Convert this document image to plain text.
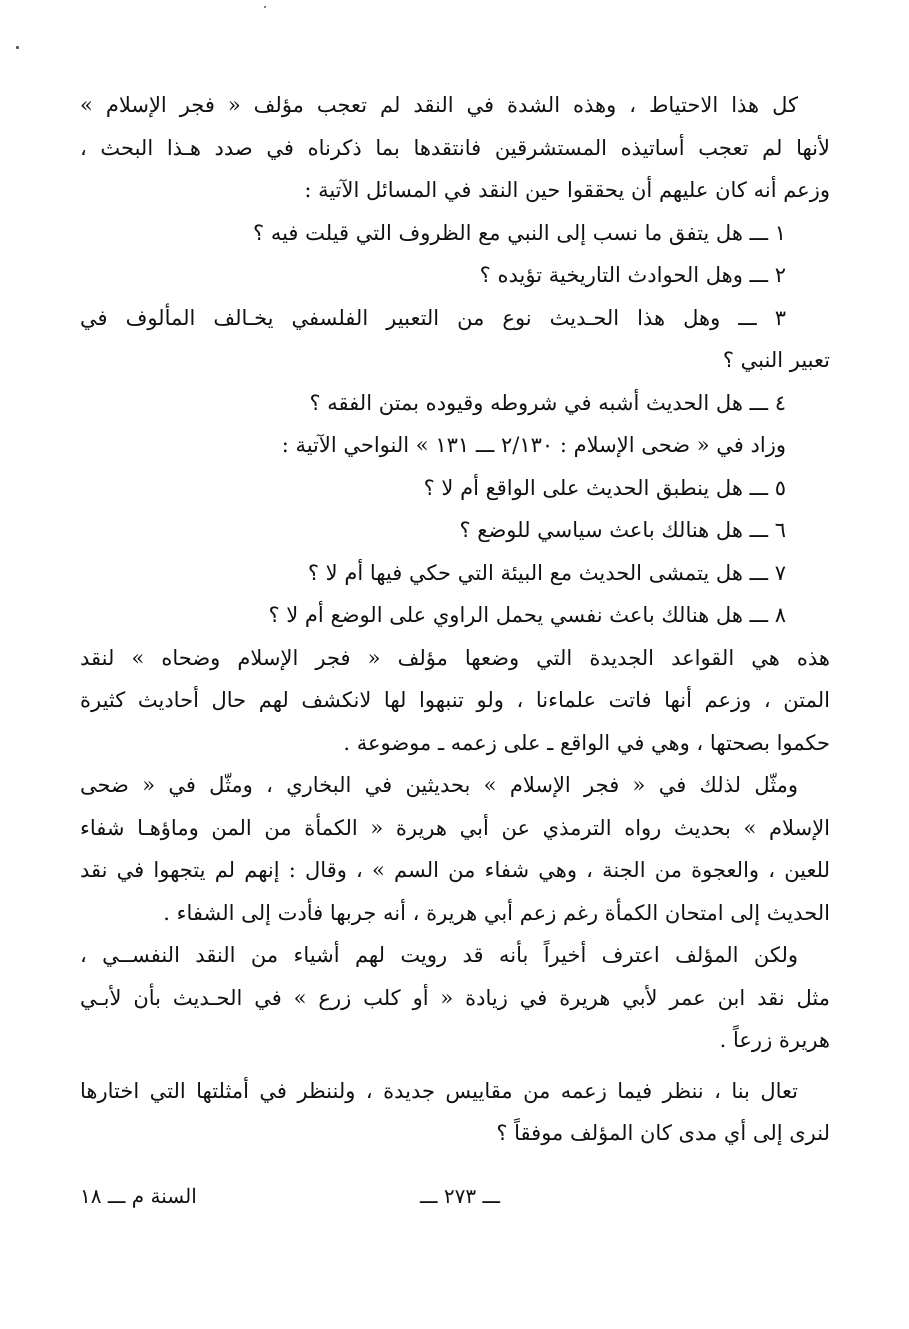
كل هذا الاحتياط ، وهذه الشدة في النقد لم تعجب مؤلف « فجر الإسلام »
لأنها لم تعجب أساتيذه المستشرقين فانتقدها بما ذكرناه في صدد هـذا البحث ،
وزعم أنه كان عليهم أن يحققوا حين النقد في المسائل الآتية :
١ ـــ هل يتفق ما نسب إلى النبي مع الظروف التي قيلت فيه ؟
٢ ـــ وهل الحوادث التاريخية تؤيده ؟
٣ ـــ وهل هذا الحـديث نوع من التعبير الفلسفي يخـالف المألوف في
تعبير النبي ؟
٤ ـــ هل الحديث أشبه في شروطه وقيوده بمتن الفقه ؟
وزاد في « ضحى الإسلام : ٢/١٣٠ ـــ ١٣١ » النواحي الآتية :
٥ ـــ هل ينطبق الحديث على الواقع أم لا ؟
٦ ـــ هل هنالك باعث سياسي للوضع ؟
٧ ـــ هل يتمشى الحديث مع البيئة التي حكي فيها أم لا ؟
٨ ـــ هل هنالك باعث نفسي يحمل الراوي على الوضع أم لا ؟
هذه هي القواعد الجديدة التي وضعها مؤلف « فجر الإسلام وضحاه » لنقد
المتن ، وزعم أنها فاتت علماءنا ، ولو تنبهوا لها لانكشف لهم حال أحاديث كثيرة
حكموا بصحتها ، وهي في الواقع ـ على زعمه ـ موضوعة .
ومثّل لذلك في « فجر الإسلام » بحديثين في البخاري ، ومثّل في « ضحى
الإسلام » بحديث رواه الترمذي عن أبي هريرة « الكمأة من المن وماؤهـا شفاء
للعين ، والعجوة من الجنة ، وهي شفاء من السم » ، وقال : إنهم لم يتجهوا في نقد
الحديث إلى امتحان الكمأة رغم زعم أبي هريرة ، أنه جربها فأدت إلى الشفاء .
ولكن المؤلف اعترف أخيراً بأنه قد رويت لهم أشياء من النقد النفســي ،
مثل نقد ابن عمر لأبي هريرة في زيادة « أو كلب زرع » في الحـديث بأن لأبـي
هريرة زرعاً .
تعال بنا ، ننظر فيما زعمه من مقاييس جديدة ، ولننظر في أمثلتها التي اختارها
لنرى إلى أي مدى كان المؤلف موفقاً ؟
ـــ ٢٧٣ ـــ
السنة م ـــ ١٨
